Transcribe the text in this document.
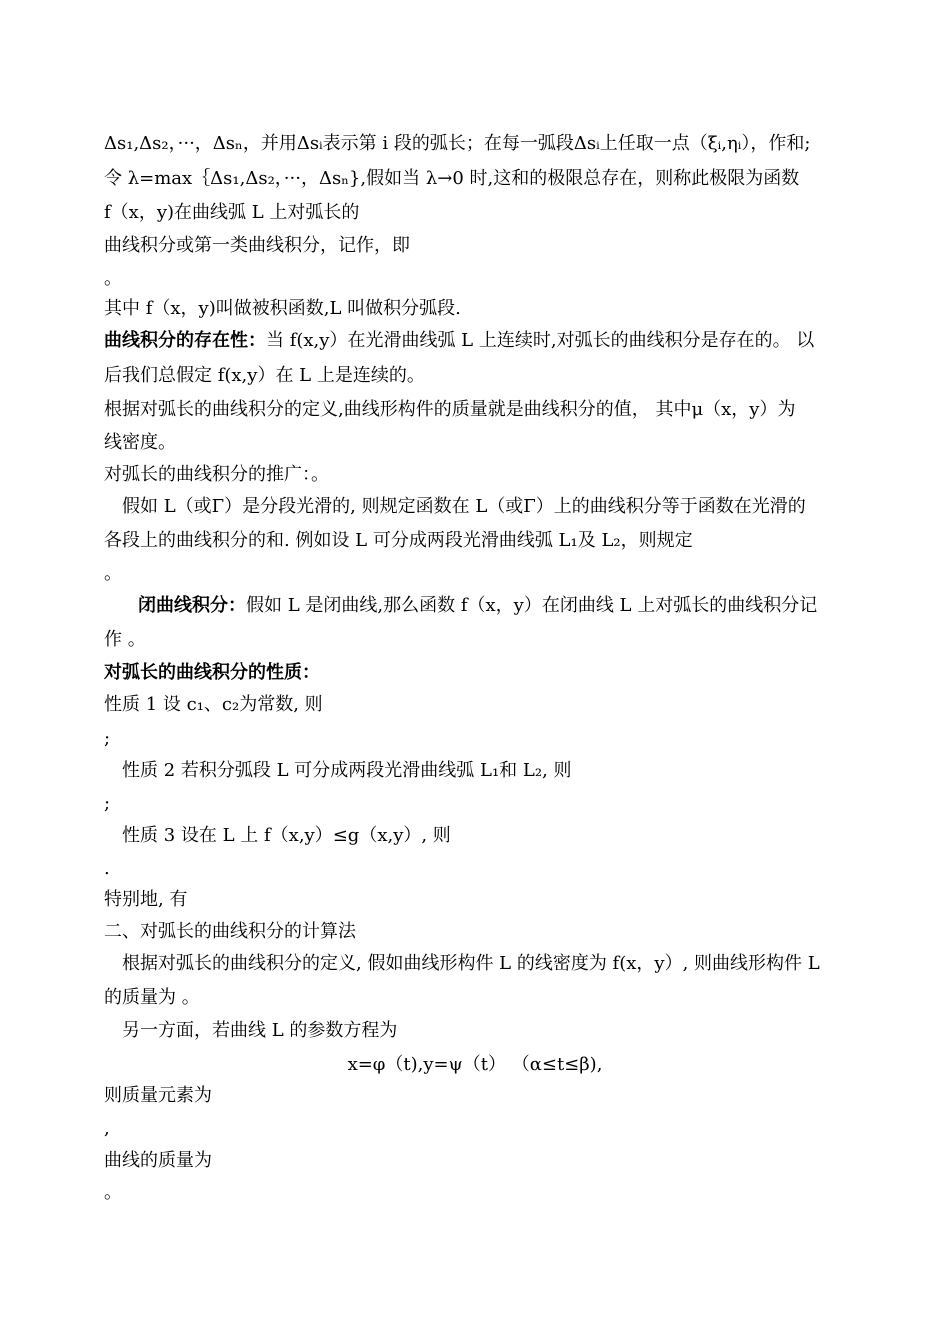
Δs₁,Δs₂，···，Δsₙ，并用Δsᵢ表示第 i 段的弧长；在每一弧段Δsᵢ上任取一点（ξᵢ,ηᵢ），作和;
令 λ=max｛Δs₁,Δs₂，···，Δsₙ},假如当 λ→0 时,这和的极限总存在，则称此极限为函数
f（x，y)在曲线弧 L 上对弧长的
曲线积分或第一类曲线积分，记作，即
。
其中 f（x，y)叫做被积函数,L 叫做积分弧段.
曲线积分的存在性：当 f(x,y）在光滑曲线弧 L 上连续时,对弧长的曲线积分是存在的。 以
后我们总假定 f(x,y）在 L 上是连续的。
根据对弧长的曲线积分的定义,曲线形构件的质量就是曲线积分的值， 其中μ（x，y）为
线密度。
对弧长的曲线积分的推广：。
假如 L（或Γ）是分段光滑的, 则规定函数在 L（或Γ）上的曲线积分等于函数在光滑的
各段上的曲线积分的和. 例如设 L 可分成两段光滑曲线弧 L₁及 L₂，则规定
。
闭曲线积分：假如 L 是闭曲线,那么函数 f（x，y）在闭曲线 L 上对弧长的曲线积分记
作 。
对弧长的曲线积分的性质：
性质 1 设 c₁、c₂为常数, 则
;
性质 2 若积分弧段 L 可分成两段光滑曲线弧 L₁和 L₂, 则
;
性质 3 设在 L 上 f（x,y）≤g（x,y）, 则
.
特别地, 有
二、对弧长的曲线积分的计算法
根据对弧长的曲线积分的定义, 假如曲线形构件 L 的线密度为 f(x，y）, 则曲线形构件 L
的质量为 。
另一方面，若曲线 L 的参数方程为
x=φ（t),y=ψ（t） （α≤t≤β),
则质量元素为
,
曲线的质量为
。
